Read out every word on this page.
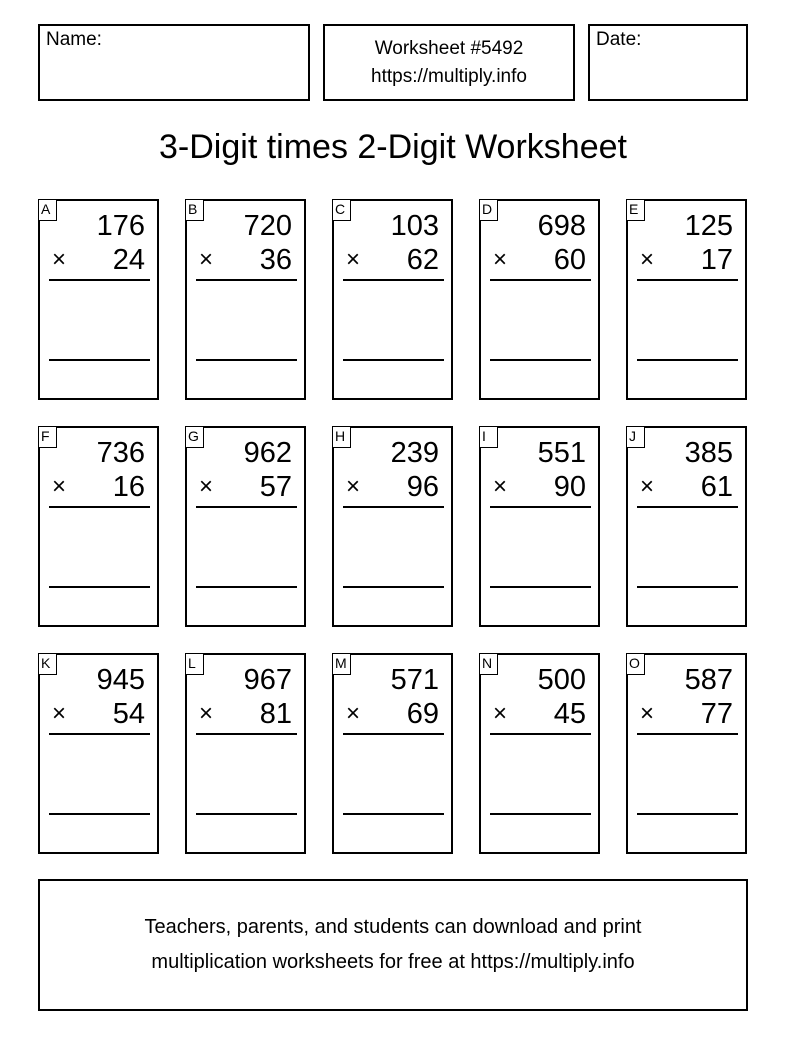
Name:	Worksheet #5492
https://multiply.info
Date:
3-Digit times 2-Digit Worksheet
A
176
× 24
B
720
× 36
C
103
× 62
D
698
× 60
E
125
× 17
F
736
× 16
G
962
× 57
H
239
× 96
I
551
× 90
J
385
× 61
K
945
× 54
L
967
× 81
M
571
× 69
N
500
× 45
O
587
× 77
Teachers, parents, and students can download and print
multiplication worksheets for free at https://multiply.info
